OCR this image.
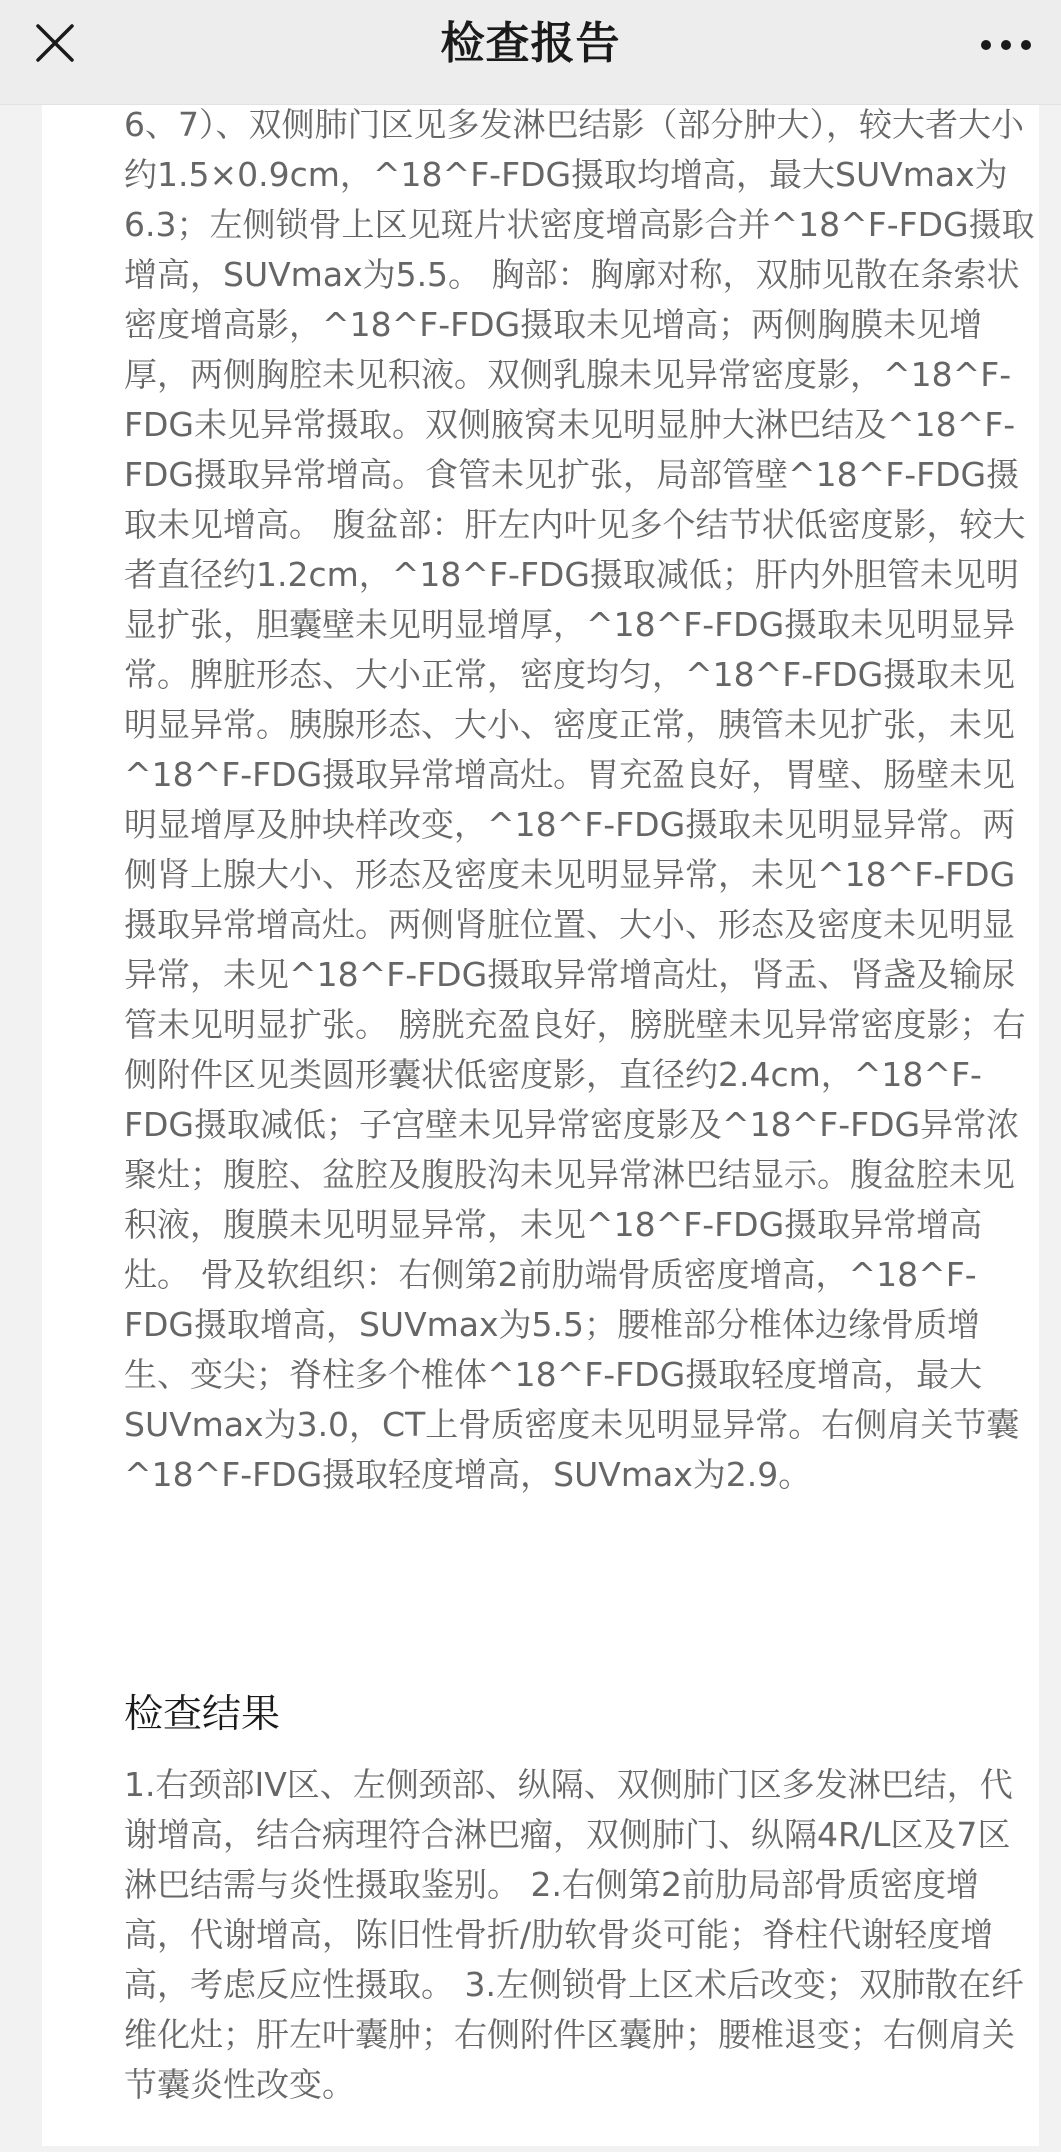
6、7）、双侧肺门区见多发淋巴结影（部分肿大），较大者大小约1.5×0.9cm，^18^F-FDG摄取均增高，最大SUVmax为6.3；左侧锁骨上区见斑片状密度增高影合并^18^F-FDG摄取增高，SUVmax为5.5。 胸部：胸廓对称，双肺见散在条索状密度增高影，^18^F-FDG摄取未见增高；两侧胸膜未见增厚，两侧胸腔未见积液。双侧乳腺未见异常密度影，^18^F-FDG未见异常摄取。双侧腋窝未见明显肿大淋巴结及^18^F-FDG摄取异常增高。食管未见扩张，局部管壁^18^F-FDG摄取未见增高。 腹盆部：肝左内叶见多个结节状低密度影，较大者直径约1.2cm，^18^F-FDG摄取减低；肝内外胆管未见明显扩张，胆囊壁未见明显增厚，^18^F-FDG摄取未见明显异常。脾脏形态、大小正常，密度均匀，^18^F-FDG摄取未见明显异常。胰腺形态、大小、密度正常，胰管未见扩张，未见^18^F-FDG摄取异常增高灶。胃充盈良好，胃壁、肠壁未见明显增厚及肿块样改变，^18^F-FDG摄取未见明显异常。两侧肾上腺大小、形态及密度未见明显异常，未见^18^F-FDG摄取异常增高灶。两侧肾脏位置、大小、形态及密度未见明显异常，未见^18^F-FDG摄取异常增高灶，肾盂、肾盏及输尿管未见明显扩张。 膀胱充盈良好，膀胱壁未见异常密度影；右侧附件区见类圆形囊状低密度影，直径约2.4cm，^18^F-FDG摄取减低；子宫壁未见异常密度影及^18^F-FDG异常浓聚灶；腹腔、盆腔及腹股沟未见异常淋巴结显示。腹盆腔未见积液，腹膜未见明显异常，未见^18^F-FDG摄取异常增高灶。 骨及软组织：右侧第2前肋端骨质密度增高，^18^F-FDG摄取增高，SUVmax为5.5；腰椎部分椎体边缘骨质增生、变尖；脊柱多个椎体^18^F-FDG摄取轻度增高，最大SUVmax为3.0，CT上骨质密度未见明显异常。右侧肩关节囊^18^F-FDG摄取轻度增高，SUVmax为2.9。

检查结果

1.右颈部IV区、左侧颈部、纵隔、双侧肺门区多发淋巴结，代谢增高，结合病理符合淋巴瘤，双侧肺门、纵隔4R/L区及7区淋巴结需与炎性摄取鉴别。 2.右侧第2前肋局部骨质密度增高，代谢增高，陈旧性骨折/肋软骨炎可能；脊柱代谢轻度增高，考虑反应性摄取。 3.左侧锁骨上区术后改变；双肺散在纤维化灶；肝左叶囊肿；右侧附件区囊肿；腰椎退变；右侧肩关节囊炎性改变。

检查报告
